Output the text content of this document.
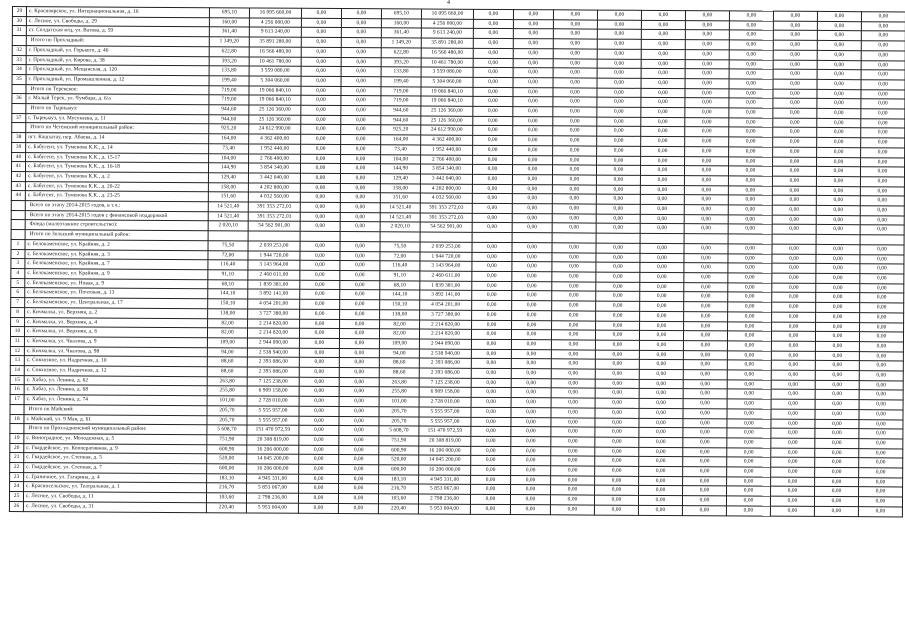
4
29	с. Красноярское, ул. Интернациональная, д. 16	695,10	16 095 660,00	0,00	0,00	695,10	16 095 660,00	0,00	0,00	0,00	0,00	0,00	0,00	0,00	0,00	0,00	0,00
30	с. Лесное, ул. Свободы, д. 29	160,00	4 256 000,00	0,00	0,00	160,00	4 256 000,00	0,00	0,00	0,00	0,00	0,00	0,00	0,00	0,00	0,00	0,00
31	ст. Солдатская м/ц, ул. Ватова, д. 59	361,40	9 613 240,00	0,00	0,00	361,40	9 613 240,00	0,00	0,00	0,00	0,00	0,00	0,00	0,00	0,00	0,00	0,00
	Итого по Прохладный:	1 349,20	35 891 280,00	0,00	0,00	1 349,20	35 891 280,00	0,00	0,00	0,00	0,00	0,00	0,00	0,00	0,00	0,00	0,00
32	г. Прохладный, ул. Горького, д. 46	622,80	16 566 480,00	0,00	0,00	622,80	16 566 480,00	0,00	0,00	0,00	0,00	0,00	0,00	0,00	0,00	0,00	0,00
33	г. Прохладный, ул. Кирова, д. 38	393,20	10 461 780,00	0,00	0,00	393,20	10 461 780,00	0,00	0,00	0,00	0,00	0,00	0,00	0,00	0,00	0,00	0,00
34	г. Прохладный, ул. Мещанская, д. 120	133,80	3 559 080,00	0,00	0,00	133,80	3 559 080,00	0,00	0,00	0,00	0,00	0,00	0,00	0,00	0,00	0,00	0,00
35	г. Прохладный, ул. Промышленная, д. 12	199,40	5 304 060,00	0,00	0,00	199,40	5 304 060,00	0,00	0,00	0,00	0,00	0,00	0,00	0,00	0,00	0,00	0,00
	Итого по Терекское:	719,00	19 066 840,10	0,00	0,00	719,00	19 066 840,10	0,00	0,00	0,00	0,00	0,00	0,00	0,00	0,00	0,00	0,00
36	г. Малый Терек, ул. Чумбара, д. 6/а	719,00	19 066 840,10	0,00	0,00	719,00	19 066 840,10	0,00	0,00	0,00	0,00	0,00	0,00	0,00	0,00	0,00	0,00
	Итого по Тырныауз:	944,60	25 126 360,00	0,00	0,00	944,60	25 126 360,00	0,00	0,00	0,00	0,00	0,00	0,00	0,00	0,00	0,00	0,00
37	г. Тырныауз, ул. Мусукаева, д. 11	944,60	25 126 360,00	0,00	0,00	944,60	25 126 360,00	0,00	0,00	0,00	0,00	0,00	0,00	0,00	0,00	0,00	0,00
	Итого по Чегемский муниципальный район:	925,20	24 612 990,00	0,00	0,00	925,20	24 612 990,00	0,00	0,00	0,00	0,00	0,00	0,00	0,00	0,00	0,00	0,00
38	пгт. Кашхатау, пер. Абаева, д. 14	164,00	4 362 400,00	0,00	0,00	164,00	4 362 400,00	0,00	0,00	0,00	0,00	0,00	0,00	0,00	0,00	0,00	0,00
39	с. Бабугент, ул. Туменова К.К., д. 14	73,40	1 952 440,00	0,00	0,00	73,40	1 952 440,00	0,00	0,00	0,00	0,00	0,00	0,00	0,00	0,00	0,00	0,00
40	с. Бабугент, ул. Туменова К.К., д. 15-17	104,00	2 766 400,00	0,00	0,00	104,00	2 766 400,00	0,00	0,00	0,00	0,00	0,00	0,00	0,00	0,00	0,00	0,00
41	с. Бабугент, ул. Туменова К.К., д. 16-18	144,90	3 854 340,00	0,00	0,00	144,90	3 854 340,00	0,00	0,00	0,00	0,00	0,00	0,00	0,00	0,00	0,00	0,00
42	с. Бабугент, ул. Туменова К.К., д. 2	129,40	3 442 040,00	0,00	0,00	129,40	3 442 040,00	0,00	0,00	0,00	0,00	0,00	0,00	0,00	0,00	0,00	0,00
43	с. Бабугент, ул. Туменова К.К., д. 20-22	158,00	4 202 800,00	0,00	0,00	158,00	4 202 800,00	0,00	0,00	0,00	0,00	0,00	0,00	0,00	0,00	0,00	0,00
44	с. Бабугент, ул. Туменова К.К., д. 23-25	151,60	4 032 560,00	0,00	0,00	151,60	4 032 560,00	0,00	0,00	0,00	0,00	0,00	0,00	0,00	0,00	0,00	0,00
	Всего по этапу 2014-2015 годов, в т.ч.:	14 521,40	391 353 272,03	0,00	0,00	14 521,40	391 353 272,03	0,00	0,00	0,00	0,00	0,00	0,00	0,00	0,00	0,00	0,00
	Всего по этапу 2014-2015 годов с финансовой поддержкой	14 521,40	391 353 272,03	0,00	0,00	14 521,40	391 353 272,03	0,00	0,00	0,00	0,00	0,00	0,00	0,00	0,00	0,00	0,00
	Фонда (малоэтажное строительство):	2 020,10	54 562 901,00	0,00	0,00	2 020,10	54 562 901,00	0,00	0,00	0,00	0,00	0,00	0,00	0,00	0,00	0,00	0,00
	Итого по Зольский муниципальный район:																
1	с. Белокаменское, ул. Крайняя, д. 2	75,50	2 039 253,00	0,00	0,00	75,50	2 039 253,00	0,00	0,00	0,00	0,00	0,00	0,00	0,00	0,00	0,00	0,00
2	с. Белокаменское, ул. Крайняя, д. 3	72,00	1 944 720,00	0,00	0,00	72,00	1 944 720,00	0,00	0,00	0,00	0,00	0,00	0,00	0,00	0,00	0,00	0,00
3	с. Белокаменское, ул. Крайняя, д. 7	116,40	3 143 964,00	0,00	0,00	116,40	3 143 964,00	0,00	0,00	0,00	0,00	0,00	0,00	0,00	0,00	0,00	0,00
4	с. Белокаменское, ул. Крайняя, д. 9	91,10	2 460 611,00	0,00	0,00	91,10	2 460 611,00	0,00	0,00	0,00	0,00	0,00	0,00	0,00	0,00	0,00	0,00
5	с. Белокаменское, ул. Новая, д. 9	68,10	1 839 381,00	0,00	0,00	68,10	1 839 381,00	0,00	0,00	0,00	0,00	0,00	0,00	0,00	0,00	0,00	0,00
6	с. Белокаменское, ул. Почтовая, д. 13	144,10	3 892 141,00	0,00	0,00	144,10	3 892 141,00	0,00	0,00	0,00	0,00	0,00	0,00	0,00	0,00	0,00	0,00
7	с. Белокаменское, ул. Центральная, д. 17	150,10	4 054 201,00	0,00	0,00	150,10	4 054 201,00	0,00	0,00	0,00	0,00	0,00	0,00	0,00	0,00	0,00	0,00
8	с. Кичмалка, ул. Верхняя, д. 2	138,00	3 727 380,00	0,00	0,00	138,00	3 727 380,00	0,00	0,00	0,00	0,00	0,00	0,00	0,00	0,00	0,00	0,00
9	с. Кичмалка, ул. Верхняя, д. 4	82,00	2 214 820,00	0,00	0,00	82,00	2 214 820,00	0,00	0,00	0,00	0,00	0,00	0,00	0,00	0,00	0,00	0,00
10	с. Кичмалка, ул. Верхняя, д. 6	82,00	2 214 820,00	0,00	0,00	82,00	2 214 820,00	0,00	0,00	0,00	0,00	0,00	0,00	0,00	0,00	0,00	0,00
11	с. Кичмалка, ул. Чкалова, д. 9	109,00	2 944 090,00	0,00	0,00	109,00	2 944 090,00	0,00	0,00	0,00	0,00	0,00	0,00	0,00	0,00	0,00	0,00
12	с. Кичмалка, ул. Чкалова, д. 98	94,00	2 538 940,00	0,00	0,00	94,00	2 538 940,00	0,00	0,00	0,00	0,00	0,00	0,00	0,00	0,00	0,00	0,00
13	с. Совхозное, ул. Надречная, д. 10	88,60	2 393 086,00	0,00	0,00	88,60	2 393 086,00	0,00	0,00	0,00	0,00	0,00	0,00	0,00	0,00	0,00	0,00
14	с. Совхозное, ул. Надречная, д. 12	88,60	2 393 086,00	0,00	0,00	88,60	2 393 086,00	0,00	0,00	0,00	0,00	0,00	0,00	0,00	0,00	0,00	0,00
15	с. Хабаз, ул. Ленина, д. 62	263,80	7 125 238,00	0,00	0,00	263,80	7 125 238,00	0,00	0,00	0,00	0,00	0,00	0,00	0,00	0,00	0,00	0,00
16	с. Хабаз, ул. Ленина, д. 68	255,80	6 909 158,00	0,00	0,00	255,80	6 909 158,00	0,00	0,00	0,00	0,00	0,00	0,00	0,00	0,00	0,00	0,00
17	с. Хабаз, ул. Ленина, д. 74	101,00	2 728 010,00	0,00	0,00	101,00	2 728 010,00	0,00	0,00	0,00	0,00	0,00	0,00	0,00	0,00	0,00	0,00
	Итого по Майский:	205,70	5 555 957,00	0,00	0,00	205,70	5 555 957,00	0,00	0,00	0,00	0,00	0,00	0,00	0,00	0,00	0,00	0,00
18	г. Майский, ул. 9 Мая, д. 61	205,70	5 555 957,00	0,00	0,00	205,70	5 555 957,00	0,00	0,00	0,00	0,00	0,00	0,00	0,00	0,00	0,00	0,00
	Итого по Прохладненский муниципальный район:	5 608,70	151 470 972,59	0,00	0,00	5 608,70	151 470 972,59	0,00	0,00	0,00	0,00	0,00	0,00	0,00	0,00	0,00	0,00
19	с. Виноградное, ул. Молодежная, д. 5	751,90	20 308 819,00	0,00	0,00	751,90	20 308 819,00	0,00	0,00	0,00	0,00	0,00	0,00	0,00	0,00	0,00	0,00
20	с. Гвардейское, ул. Кооперативная, д. 9	600,90	16 206 000,00	0,00	0,00	600,90	16 206 000,00	0,00	0,00	0,00	0,00	0,00	0,00	0,00	0,00	0,00	0,00
21	с. Гвардейское, ул. Степная, д. 5	520,00	14 045 200,00	0,00	0,00	520,00	14 045 200,00	0,00	0,00	0,00	0,00	0,00	0,00	0,00	0,00	0,00	0,00
22	с. Гвардейское, ул. Степная, д. 7	600,00	16 206 000,00	0,00	0,00	600,00	16 206 000,00	0,00	0,00	0,00	0,00	0,00	0,00	0,00	0,00	0,00	0,00
23	с. Граничное, ул. Гагарина, д. 4	183,10	4 945 331,00	0,00	0,00	183,10	4 945 331,00	0,00	0,00	0,00	0,00	0,00	0,00	0,00	0,00	0,00	0,00
24	с. Красносельское, ул. Театральная, д. 1	216,70	5 853 067,00	0,00	0,00	216,70	5 853 067,00	0,00	0,00	0,00	0,00	0,00	0,00	0,00	0,00	0,00	0,00
25	с. Лесное, ул. Свободы, д. 11	103,60	2 798 236,00	0,00	0,00	103,60	2 798 236,00	0,00	0,00	0,00	0,00	0,00	0,00	0,00	0,00	0,00	0,00
26	с. Лесное, ул. Свободы, д. 31	220,40	5 953 004,00	0,00	0,00	220,40	5 953 004,00	0,00	0,00	0,00	0,00	0,00	0,00	0,00	0,00	0,00	0,00
